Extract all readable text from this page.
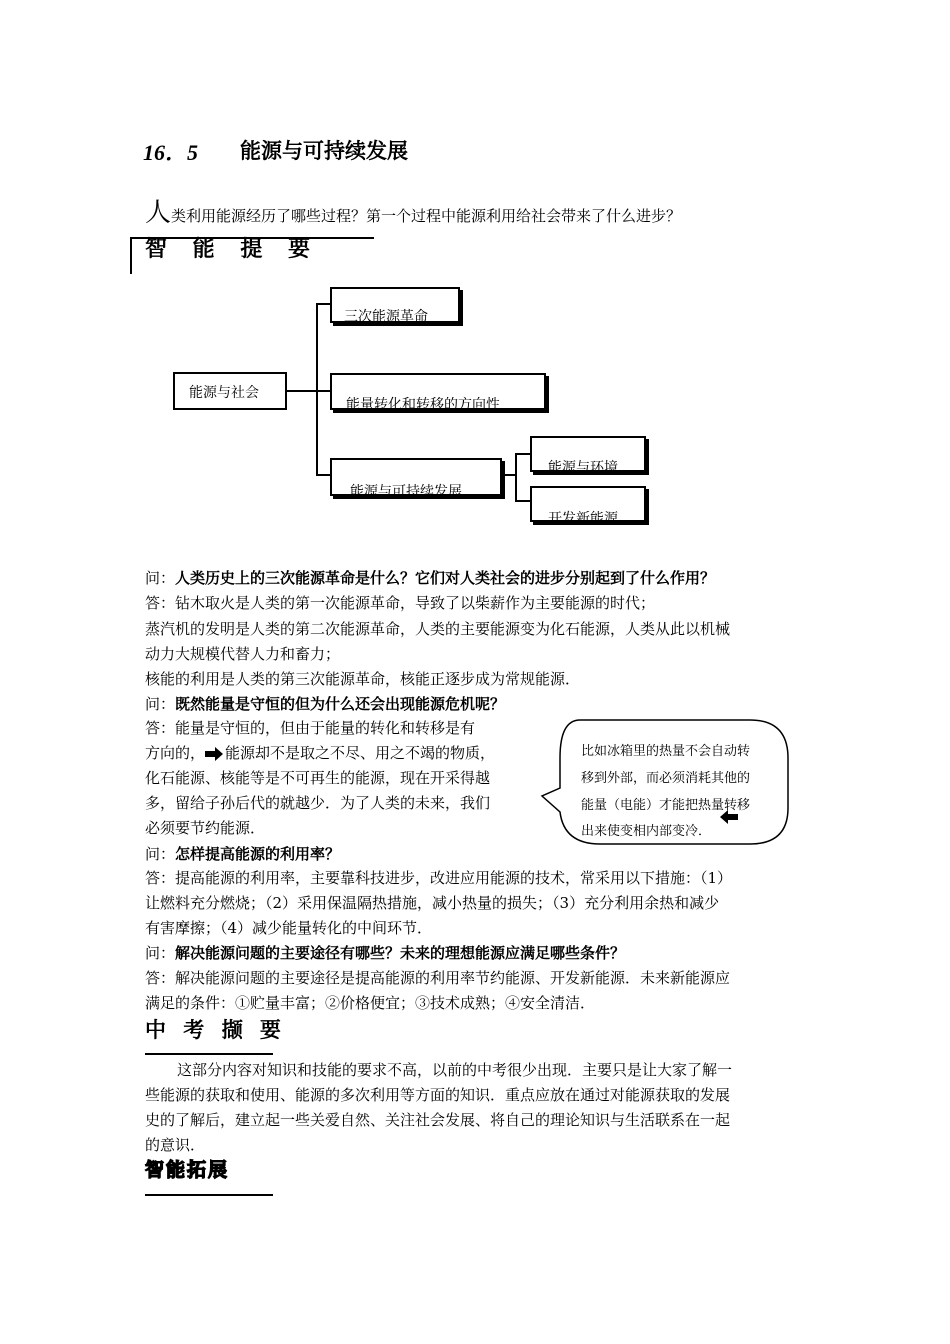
16．5 能源与可持续发展
人类利用能源经历了哪些过程？第一个过程中能源利用给社会带来了什么进步？
智 能 提 要
能源与社会
三次能源革命
能量转化和转移的方向性
能源与可持续发展
能源与环境
开发新能源
问：人类历史上的三次能源革命是什么？它们对人类社会的进步分别起到了什么作用？
答：钻木取火是人类的第一次能源革命，导致了以柴薪作为主要能源的时代；
蒸汽机的发明是人类的第二次能源革命，人类的主要能源变为化石能源，人类从此以机械
动力大规模代替人力和畜力；
核能的利用是人类的第三次能源革命，核能正逐步成为常规能源．
问：既然能量是守恒的但为什么还会出现能源危机呢？
答：能量是守恒的，但由于能量的转化和转移是有
方向的， 能源却不是取之不尽、用之不竭的物质，
化石能源、核能等是不可再生的能源，现在开采得越
多，留给子孙后代的就越少．为了人类的未来，我们
必须要节约能源．
比如冰箱里的热量不会自动转
移到外部，而必须消耗其他的
能量（电能）才能把热量转移
出来使变相内部变冷．
问：怎样提高能源的利用率？
答：提高能源的利用率，主要靠科技进步，改进应用能源的技术，常采用以下措施：（1）
让燃料充分燃烧；（2）采用保温隔热措施，减小热量的损失；（3）充分利用余热和减少
有害摩擦；（4）减少能量转化的中间环节．
问：解决能源问题的主要途径有哪些？未来的理想能源应满足哪些条件？
答：解决能源问题的主要途径是提高能源的利用率节约能源、开发新能源．未来新能源应
满足的条件：①贮量丰富；②价格便宜；③技术成熟；④安全清洁．
中 考 撷 要
这部分内容对知识和技能的要求不高，以前的中考很少出现．主要只是让大家了解一
些能源的获取和使用、能源的多次利用等方面的知识．重点应放在通过对能源获取的发展
史的了解后，建立起一些关爱自然、关注社会发展、将自己的理论知识与生活联系在一起
的意识．
智能拓展
